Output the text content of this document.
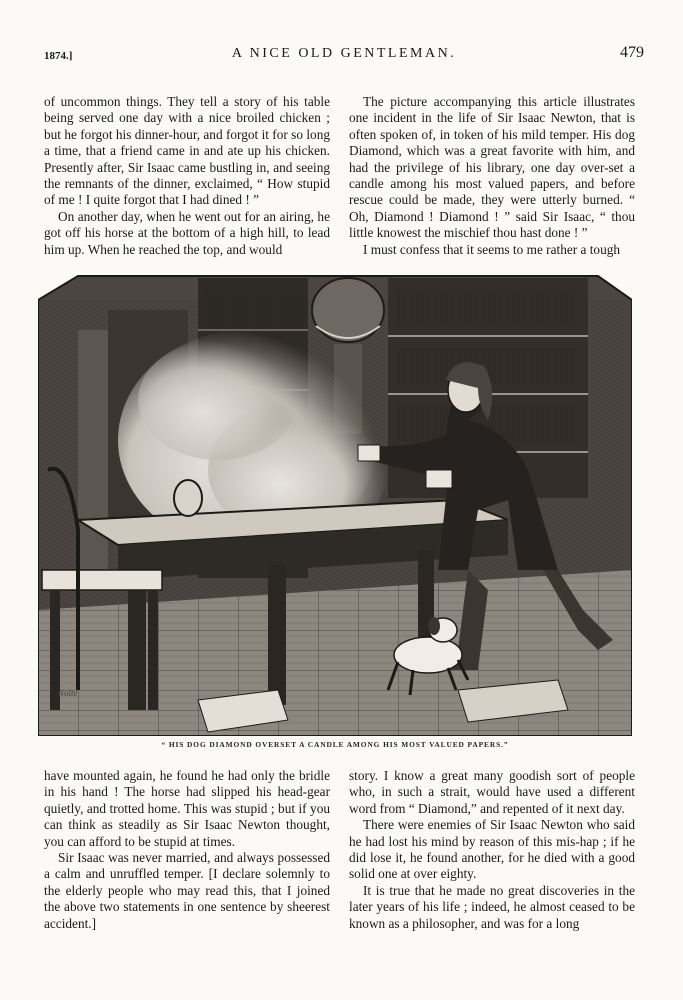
1874.]	A NICE OLD GENTLEMAN.	479

of uncommon things. They tell a story of his table being served one day with a nice broiled chicken ; but he forgot his dinner-hour, and forgot it for so long a time, that a friend came in and ate up his chicken. Presently after, Sir Isaac came bustling in, and seeing the remnants of the dinner, exclaimed, “ How stupid of me ! I quite forgot that I had dined ! ”

On another day, when he went out for an airing, he got off his horse at the bottom of a high hill, to lead him up. When he reached the top, and would

The picture accompanying this article illustrates one incident in the life of Sir Isaac Newton, that is often spoken of, in token of his mild temper. His dog Diamond, which was a great favorite with him, and had the privilege of his library, one day over-set a candle among his most valued papers, and before rescue could be made, they were utterly burned. “ Oh, Diamond ! Diamond ! ” said Sir Isaac, “ thou little knowest the mischief thou hast done ! ”

I must confess that it seems to me rather a tough

Nolte
“ HIS DOG DIAMOND OVERSET A CANDLE AMONG HIS MOST VALUED PAPERS.”

have mounted again, he found he had only the bridle in his hand ! The horse had slipped his head-gear quietly, and trotted home. This was stupid ; but if you can think as steadily as Sir Isaac Newton thought, you can afford to be stupid at times.

Sir Isaac was never married, and always possessed a calm and unruffled temper. [I declare solemnly to the elderly people who may read this, that I joined the above two statements in one sentence by sheerest accident.]

story. I know a great many goodish sort of people who, in such a strait, would have used a different word from “ Diamond,” and repented of it next day.

There were enemies of Sir Isaac Newton who said he had lost his mind by reason of this mis-hap ; if he did lose it, he found another, for he died with a good solid one at over eighty.

It is true that he made no great discoveries in the later years of his life ; indeed, he almost ceased to be known as a philosopher, and was for a long
